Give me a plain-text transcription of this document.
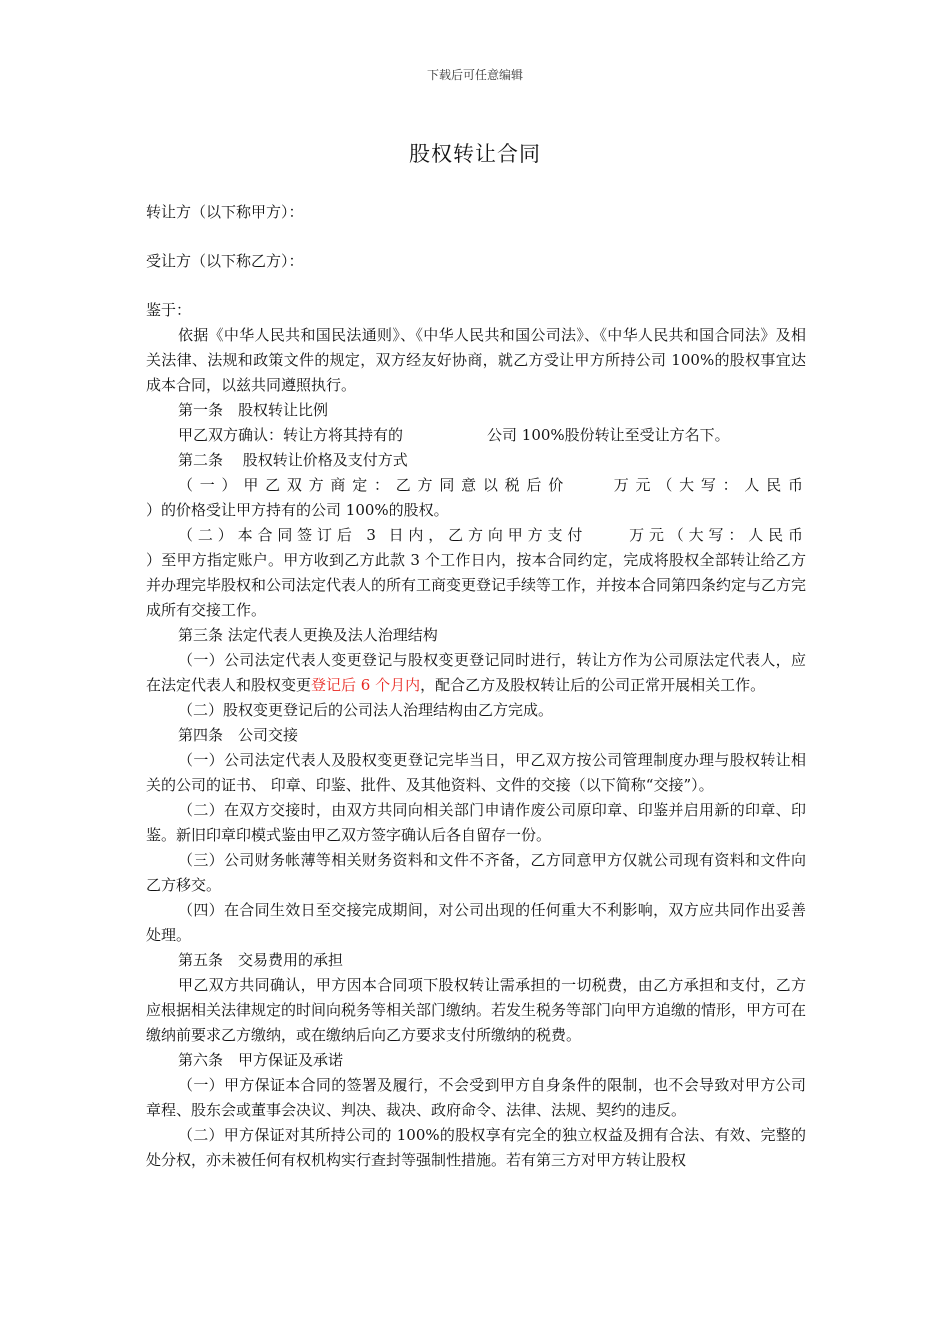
下载后可任意编辑
股权转让合同

转让方（以下称甲方）：

受让方（以下称乙方）：

鉴于：

依据《中华人民共和国民法通则》、《中华人民共和国公司法》、《中华人民共和国合同法》及相关法律、法规和政策文件的规定，双方经友好协商，就乙方受让甲方所持公司 100%的股权事宜达成本合同，以兹共同遵照执行。

第一条　股权转让比例

甲乙双方确认：转让方将其持有的	公司 100%股份转让至受让方名下。

第二条　 股权转让价格及支付方式

（一）甲乙双方商定：乙方同意以税后价	万元（大写：人民币

）的价格受让甲方持有的公司 100%的股权。

（二）本合同签订后 3 日内，乙方向甲方支付	万元（大写：人民币

）至甲方指定账户。甲方收到乙方此款 3 个工作日内，按本合同约定，完成将股权全部转让给乙方并办理完毕股权和公司法定代表人的所有工商变更登记手续等工作，并按本合同第四条约定与乙方完成所有交接工作。

第三条 法定代表人更换及法人治理结构

（一）公司法定代表人变更登记与股权变更登记同时进行，转让方作为公司原法定代表人，应在法定代表人和股权变更登记后 6 个月内，配合乙方及股权转让后的公司正常开展相关工作。

（二）股权变更登记后的公司法人治理结构由乙方完成。

第四条　公司交接

（一）公司法定代表人及股权变更登记完毕当日，甲乙双方按公司管理制度办理与股权转让相关的公司的证书、 印章、印鉴、批件、及其他资料、文件的交接（以下简称“交接”）。

（二）在双方交接时，由双方共同向相关部门申请作废公司原印章、印鉴并启用新的印章、印鉴。新旧印章印模式鉴由甲乙双方签字确认后各自留存一份。

（三）公司财务帐薄等相关财务资料和文件不齐备，乙方同意甲方仅就公司现有资料和文件向乙方移交。

（四）在合同生效日至交接完成期间，对公司出现的任何重大不利影响，双方应共同作出妥善处理。

第五条　交易费用的承担

甲乙双方共同确认，甲方因本合同项下股权转让需承担的一切税费，由乙方承担和支付，乙方应根据相关法律规定的时间向税务等相关部门缴纳。若发生税务等部门向甲方追缴的情形，甲方可在缴纳前要求乙方缴纳，或在缴纳后向乙方要求支付所缴纳的税费。

第六条　甲方保证及承诺

（一）甲方保证本合同的签署及履行，不会受到甲方自身条件的限制，也不会导致对甲方公司章程、股东会或董事会决议、判决、裁决、政府命令、法律、法规、契约的违反。

（二）甲方保证对其所持公司的 100%的股权享有完全的独立权益及拥有合法、有效、完整的处分权，亦未被任何有权机构实行查封等强制性措施。若有第三方对甲方转让股权
